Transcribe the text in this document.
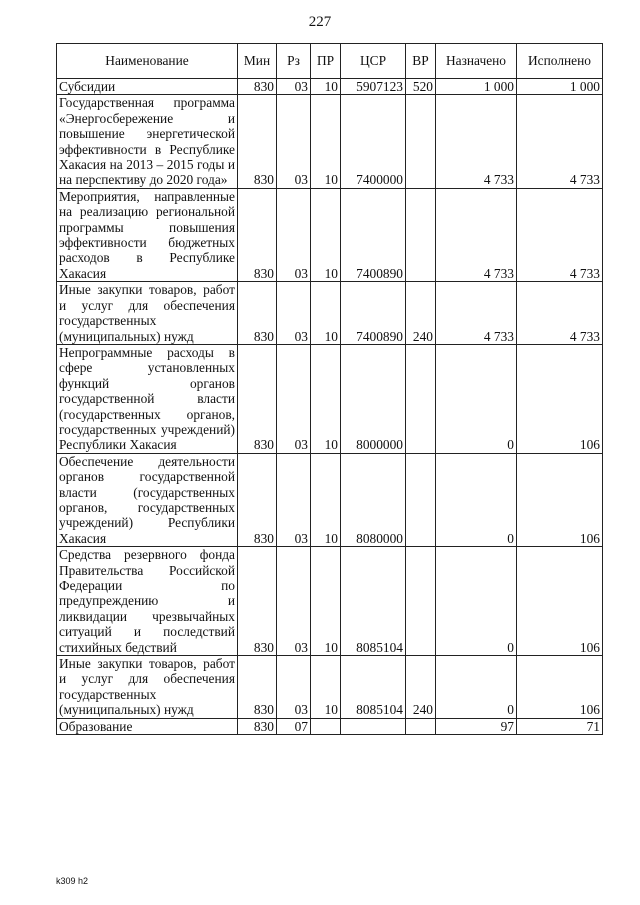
227
Наименование	Мин	Рз	ПР	ЦСР	ВР	Назначено	Исполнено
Субсидии	830	03	10	5907123	520	1 000	1 000
Государственная программа «Энергосбережение и повышение энергетической эффективности в Республике Хакасия на 2013 – 2015 годы и на перспективу до 2020 года»	830	03	10	7400000		4 733	4 733
Мероприятия, направленные на реализацию региональной программы повышения эффективности бюджетных расходов в Республике Хакасия	830	03	10	7400890		4 733	4 733
Иные закупки товаров, работ и услуг для обеспечения государственных (муниципальных) нужд	830	03	10	7400890	240	4 733	4 733
Непрограммные расходы в сфере установленных функций органов государственной власти (государственных органов, государственных учреждений) Республики Хакасия	830	03	10	8000000		0	106
Обеспечение деятельности органов государственной власти (государственных органов, государственных учреждений) Республики Хакасия	830	03	10	8080000		0	106
Средства резервного фонда Правительства Российской Федерации по предупреждению и ликвидации чрезвычайных ситуаций и последствий стихийных бедствий	830	03	10	8085104		0	106
Иные закупки товаров, работ и услуг для обеспечения государственных (муниципальных) нужд	830	03	10	8085104	240	0	106
Образование	830	07				97	71
k309 h2
